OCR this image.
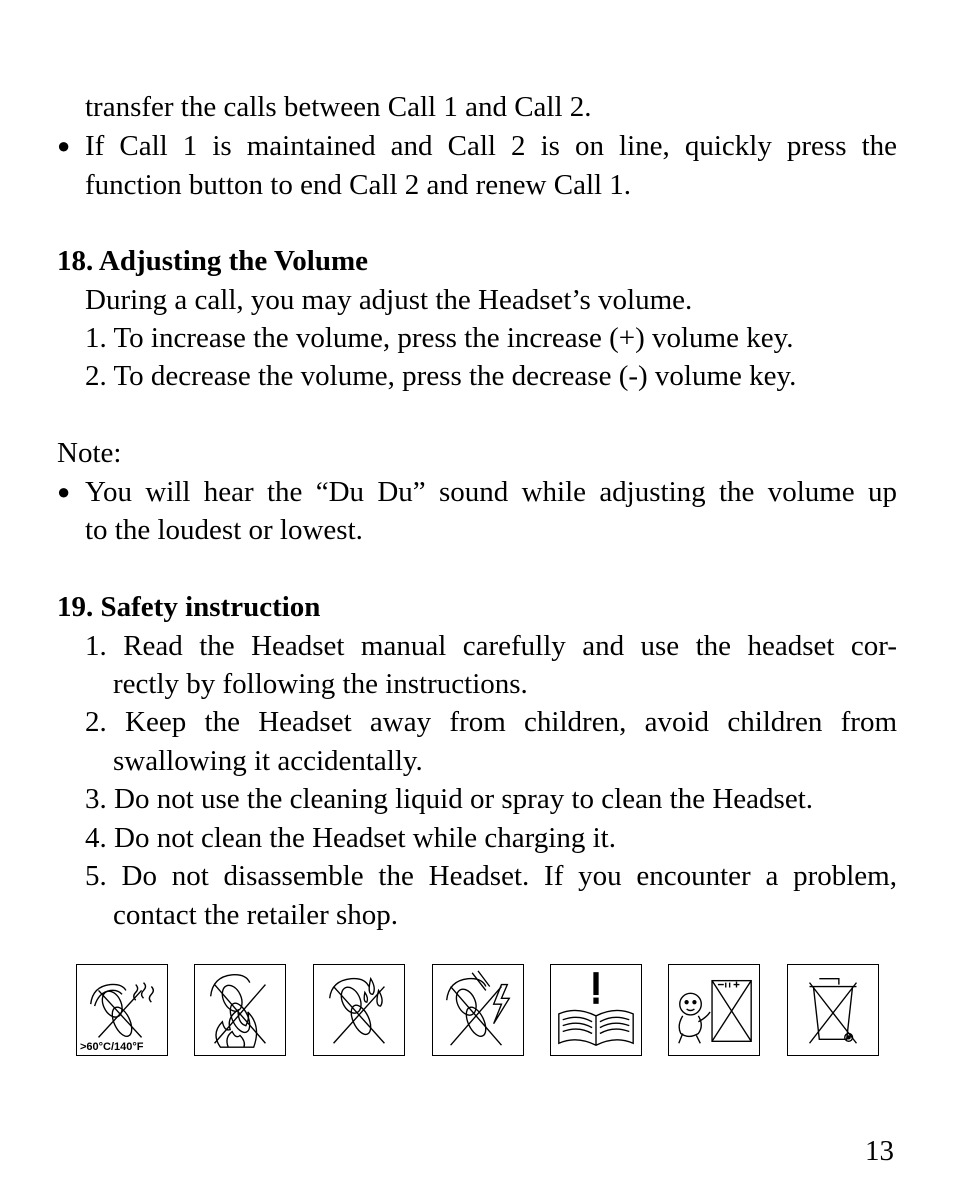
transfer the calls between Call 1 and Call 2.
● If Call 1 is maintained and Call 2 is on line, quickly press the
function button to end Call 2 and renew Call 1.
18. Adjusting the Volume
During a call, you may adjust the Headset’s volume.
1. To increase the volume, press the increase (+) volume key.
2. To decrease the volume, press the decrease (-) volume key.
Note:
● You will hear the “Du Du” sound while adjusting the volume up
to the loudest or lowest.
19. Safety instruction
1. Read the Headset manual carefully and use the headset cor-
rectly by following the instructions.
2. Keep the Headset away from children, avoid children from
swallowing it accidentally.
3. Do not use the cleaning liquid or spray to clean the Headset.
4. Do not clean the Headset while charging it.
5. Do not disassemble the Headset. If you encounter a problem,
contact the retailer shop.
>60°C/140°F
13
